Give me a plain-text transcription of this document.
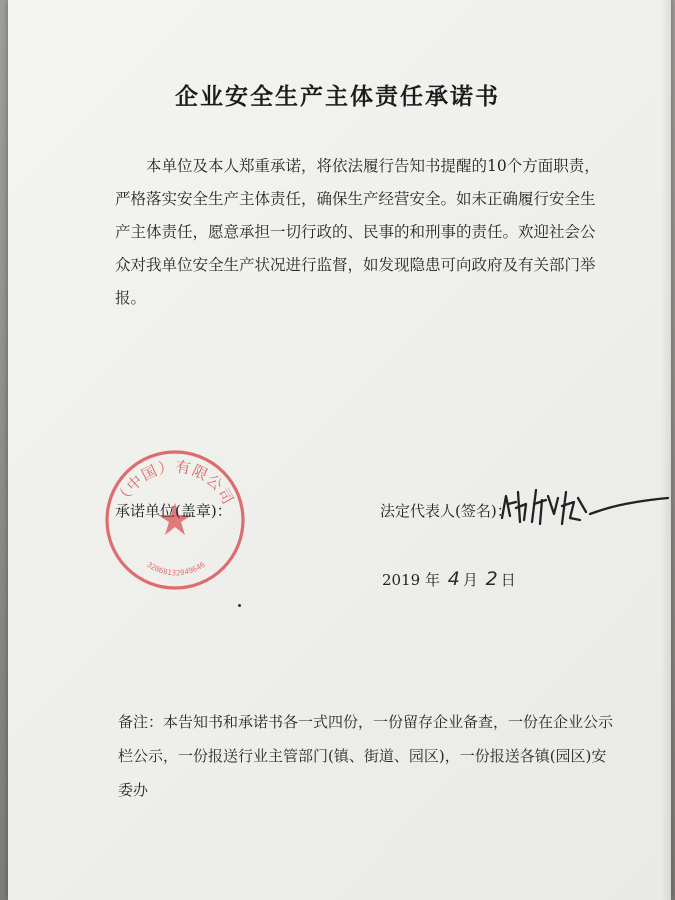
企业安全生产主体责任承诺书

本单位及本人郑重承诺，将依法履行告知书提醒的10个方面职责，严格落实安全生产主体责任，确保生产经营安全。如未正确履行安全生产主体责任，愿意承担一切行政的、民事的和刑事的责任。欢迎社会公众对我单位安全生产状况进行监督，如发现隐患可向政府及有关部门举报。

（中国）有限公司
32068132049646
承诺单位(盖章)：	法定代表人(签名)：
2019 年 4 月 2 日

备注：本告知书和承诺书各一式四份，一份留存企业备查，一份在企业公示栏公示，一份报送行业主管部门(镇、街道、园区)，一份报送各镇(园区)安委办
